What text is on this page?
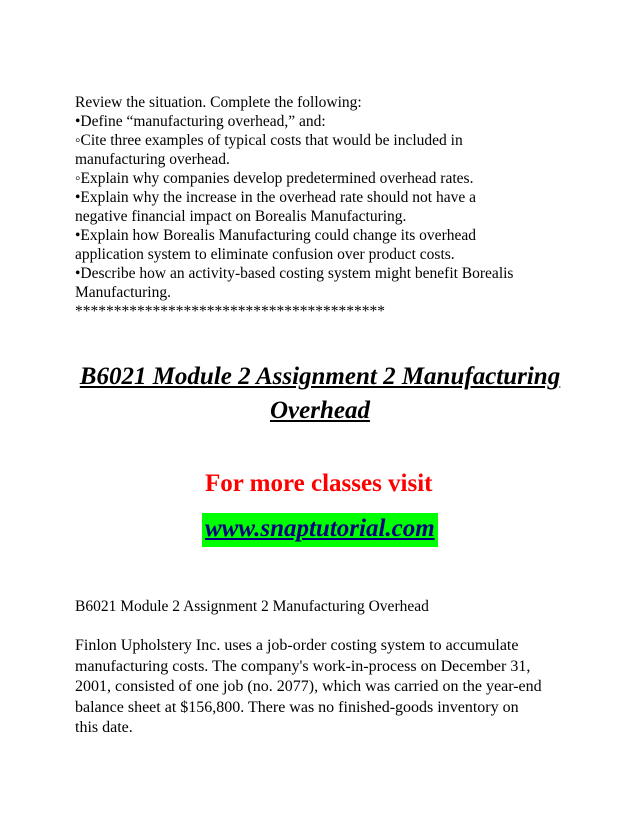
Review the situation. Complete the following:
•Define “manufacturing overhead,” and:
◦Cite three examples of typical costs that would be included in
manufacturing overhead.
◦Explain why companies develop predetermined overhead rates.
•Explain why the increase in the overhead rate should not have a
negative financial impact on Borealis Manufacturing.
•Explain how Borealis Manufacturing could change its overhead
application system to eliminate confusion over product costs.
•Describe how an activity-based costing system might benefit Borealis
Manufacturing.
****************************************
B6021 Module 2 Assignment 2 Manufacturing
Overhead
For more classes visit
www.snaptutorial.com
B6021 Module 2 Assignment 2 Manufacturing Overhead
Finlon Upholstery Inc. uses a job-order costing system to accumulate
manufacturing costs. The company's work-in-process on December 31,
2001, consisted of one job (no. 2077), which was carried on the year-end
balance sheet at $156,800. There was no finished-goods inventory on
this date.
